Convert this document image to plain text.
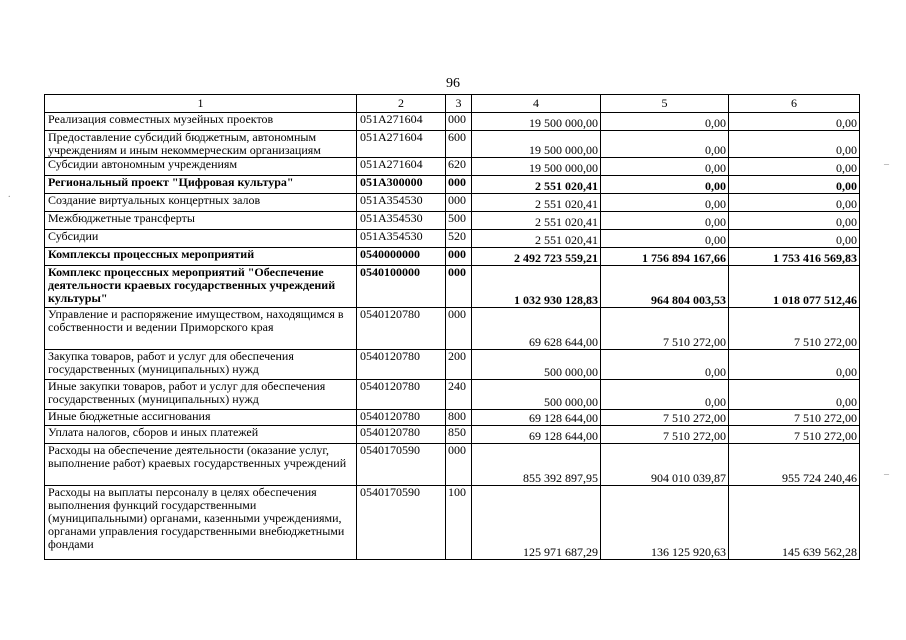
96
1	2	3	4	5	6
Реализация совместных музейных проектов	051A271604	000	19 500 000,00	0,00	0,00
Предоставление субсидий бюджетным, автономным учреждениям и иным некоммерческим организациям	051A271604	600	19 500 000,00	0,00	0,00
Субсидии автономным учреждениям	051A271604	620	19 500 000,00	0,00	0,00
Региональный проект "Цифровая культура"	051A300000	000	2 551 020,41	0,00	0,00
Создание виртуальных концертных залов	051A354530	000	2 551 020,41	0,00	0,00
Межбюджетные трансферты	051A354530	500	2 551 020,41	0,00	0,00
Субсидии	051A354530	520	2 551 020,41	0,00	0,00
Комплексы процессных мероприятий	0540000000	000	2 492 723 559,21	1 756 894 167,66	1 753 416 569,83
Комплекс процессных мероприятий "Обеспечение деятельности краевых государственных учреждений культуры"	0540100000	000	1 032 930 128,83	964 804 003,53	1 018 077 512,46
Управление и распоряжение имуществом, находящимся в собственности и ведении Приморского края	0540120780	000	69 628 644,00	7 510 272,00	7 510 272,00
Закупка товаров, работ и услуг для обеспечения государственных (муниципальных) нужд	0540120780	200	500 000,00	0,00	0,00
Иные закупки товаров, работ и услуг для обеспечения государственных (муниципальных) нужд	0540120780	240	500 000,00	0,00	0,00
Иные бюджетные ассигнования	0540120780	800	69 128 644,00	7 510 272,00	7 510 272,00
Уплата налогов, сборов и иных платежей	0540120780	850	69 128 644,00	7 510 272,00	7 510 272,00
Расходы на обеспечение деятельности (оказание услуг, выполнение работ) краевых государственных учреждений	0540170590	000	855 392 897,95	904 010 039,87	955 724 240,46
Расходы на выплаты персоналу в целях обеспечения выполнения функций государственными (муниципальными) органами, казенными учреждениями, органами управления государственными внебюджетными фондами	0540170590	100	125 971 687,29	136 125 920,63	145 639 562,28
.
–
–
